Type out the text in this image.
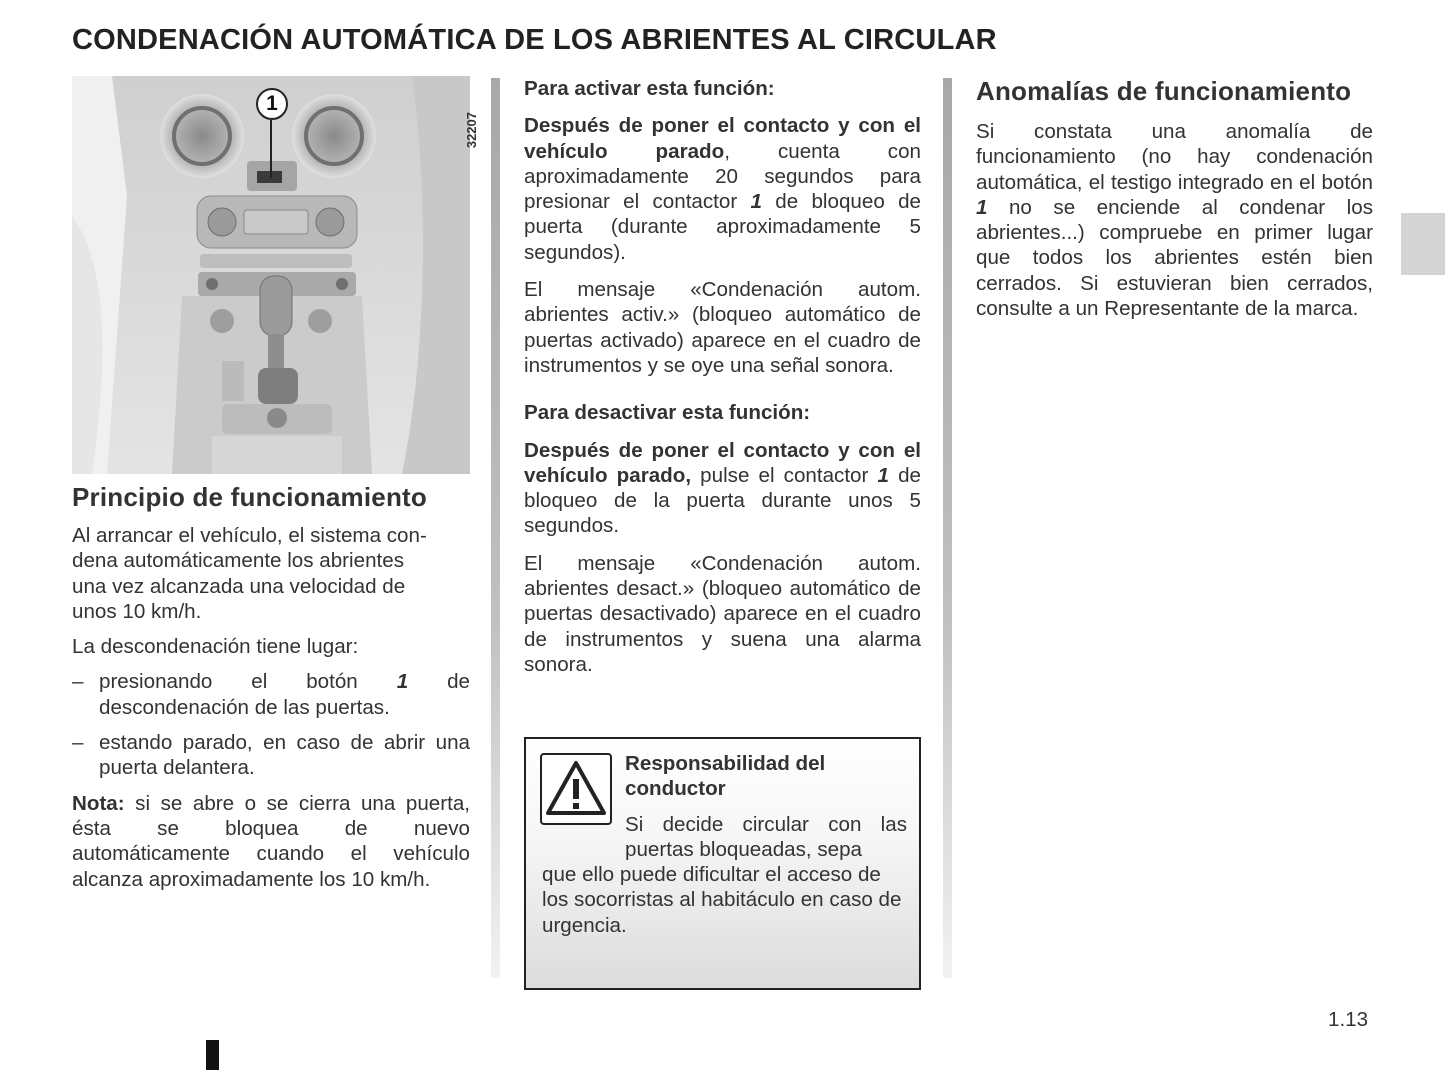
CONDENACIÓN AUTOMÁTICA DE LOS ABRIENTES AL CIRCULAR
1
32207
Principio de funcionamiento

Al arrancar el vehículo, el sistema con-
dena automáticamente los abrientes
una vez alcanzada una velocidad de
unos 10 km/h.

La descondenación tiene lugar:

– presionando el botón 1 de descondenación de las puertas.

– estando parado, en caso de abrir una puerta delantera.

Nota: si se abre o se cierra una puerta, ésta se bloquea de nuevo automáticamente cuando el vehículo alcanza aproximadamente los 10 km/h.

Para activar esta función:

Después de poner el contacto y con el vehículo parado, cuenta con aproximadamente 20 segundos para presionar el contactor 1 de bloqueo de puerta (durante aproximadamente 5 segundos).

El mensaje «Condenación autom. abrientes activ.» (bloqueo automático de puertas activado) aparece en el cuadro de instrumentos y se oye una señal sonora.

Para desactivar esta función:

Después de poner el contacto y con el vehículo parado, pulse el contactor 1 de bloqueo de la puerta durante unos 5 segundos.

El mensaje «Condenación autom. abrientes desact.» (bloqueo automático de puertas desactivado) aparece en el cuadro de instrumentos y suena una alarma sonora.

Responsabilidad del conductor

Si decide circular con las puertas bloqueadas, sepa

que ello puede dificultar el acceso de los socorristas al habitáculo en caso de urgencia.

Anomalías de funcionamiento

Si constata una anomalía de funcionamiento (no hay condenación automática, el testigo integrado en el botón 1 no se enciende al condenar los abrientes...) compruebe en primer lugar que todos los abrientes estén bien cerrados. Si estuvieran bien cerrados, consulte a un Representante de la marca.

1.13
